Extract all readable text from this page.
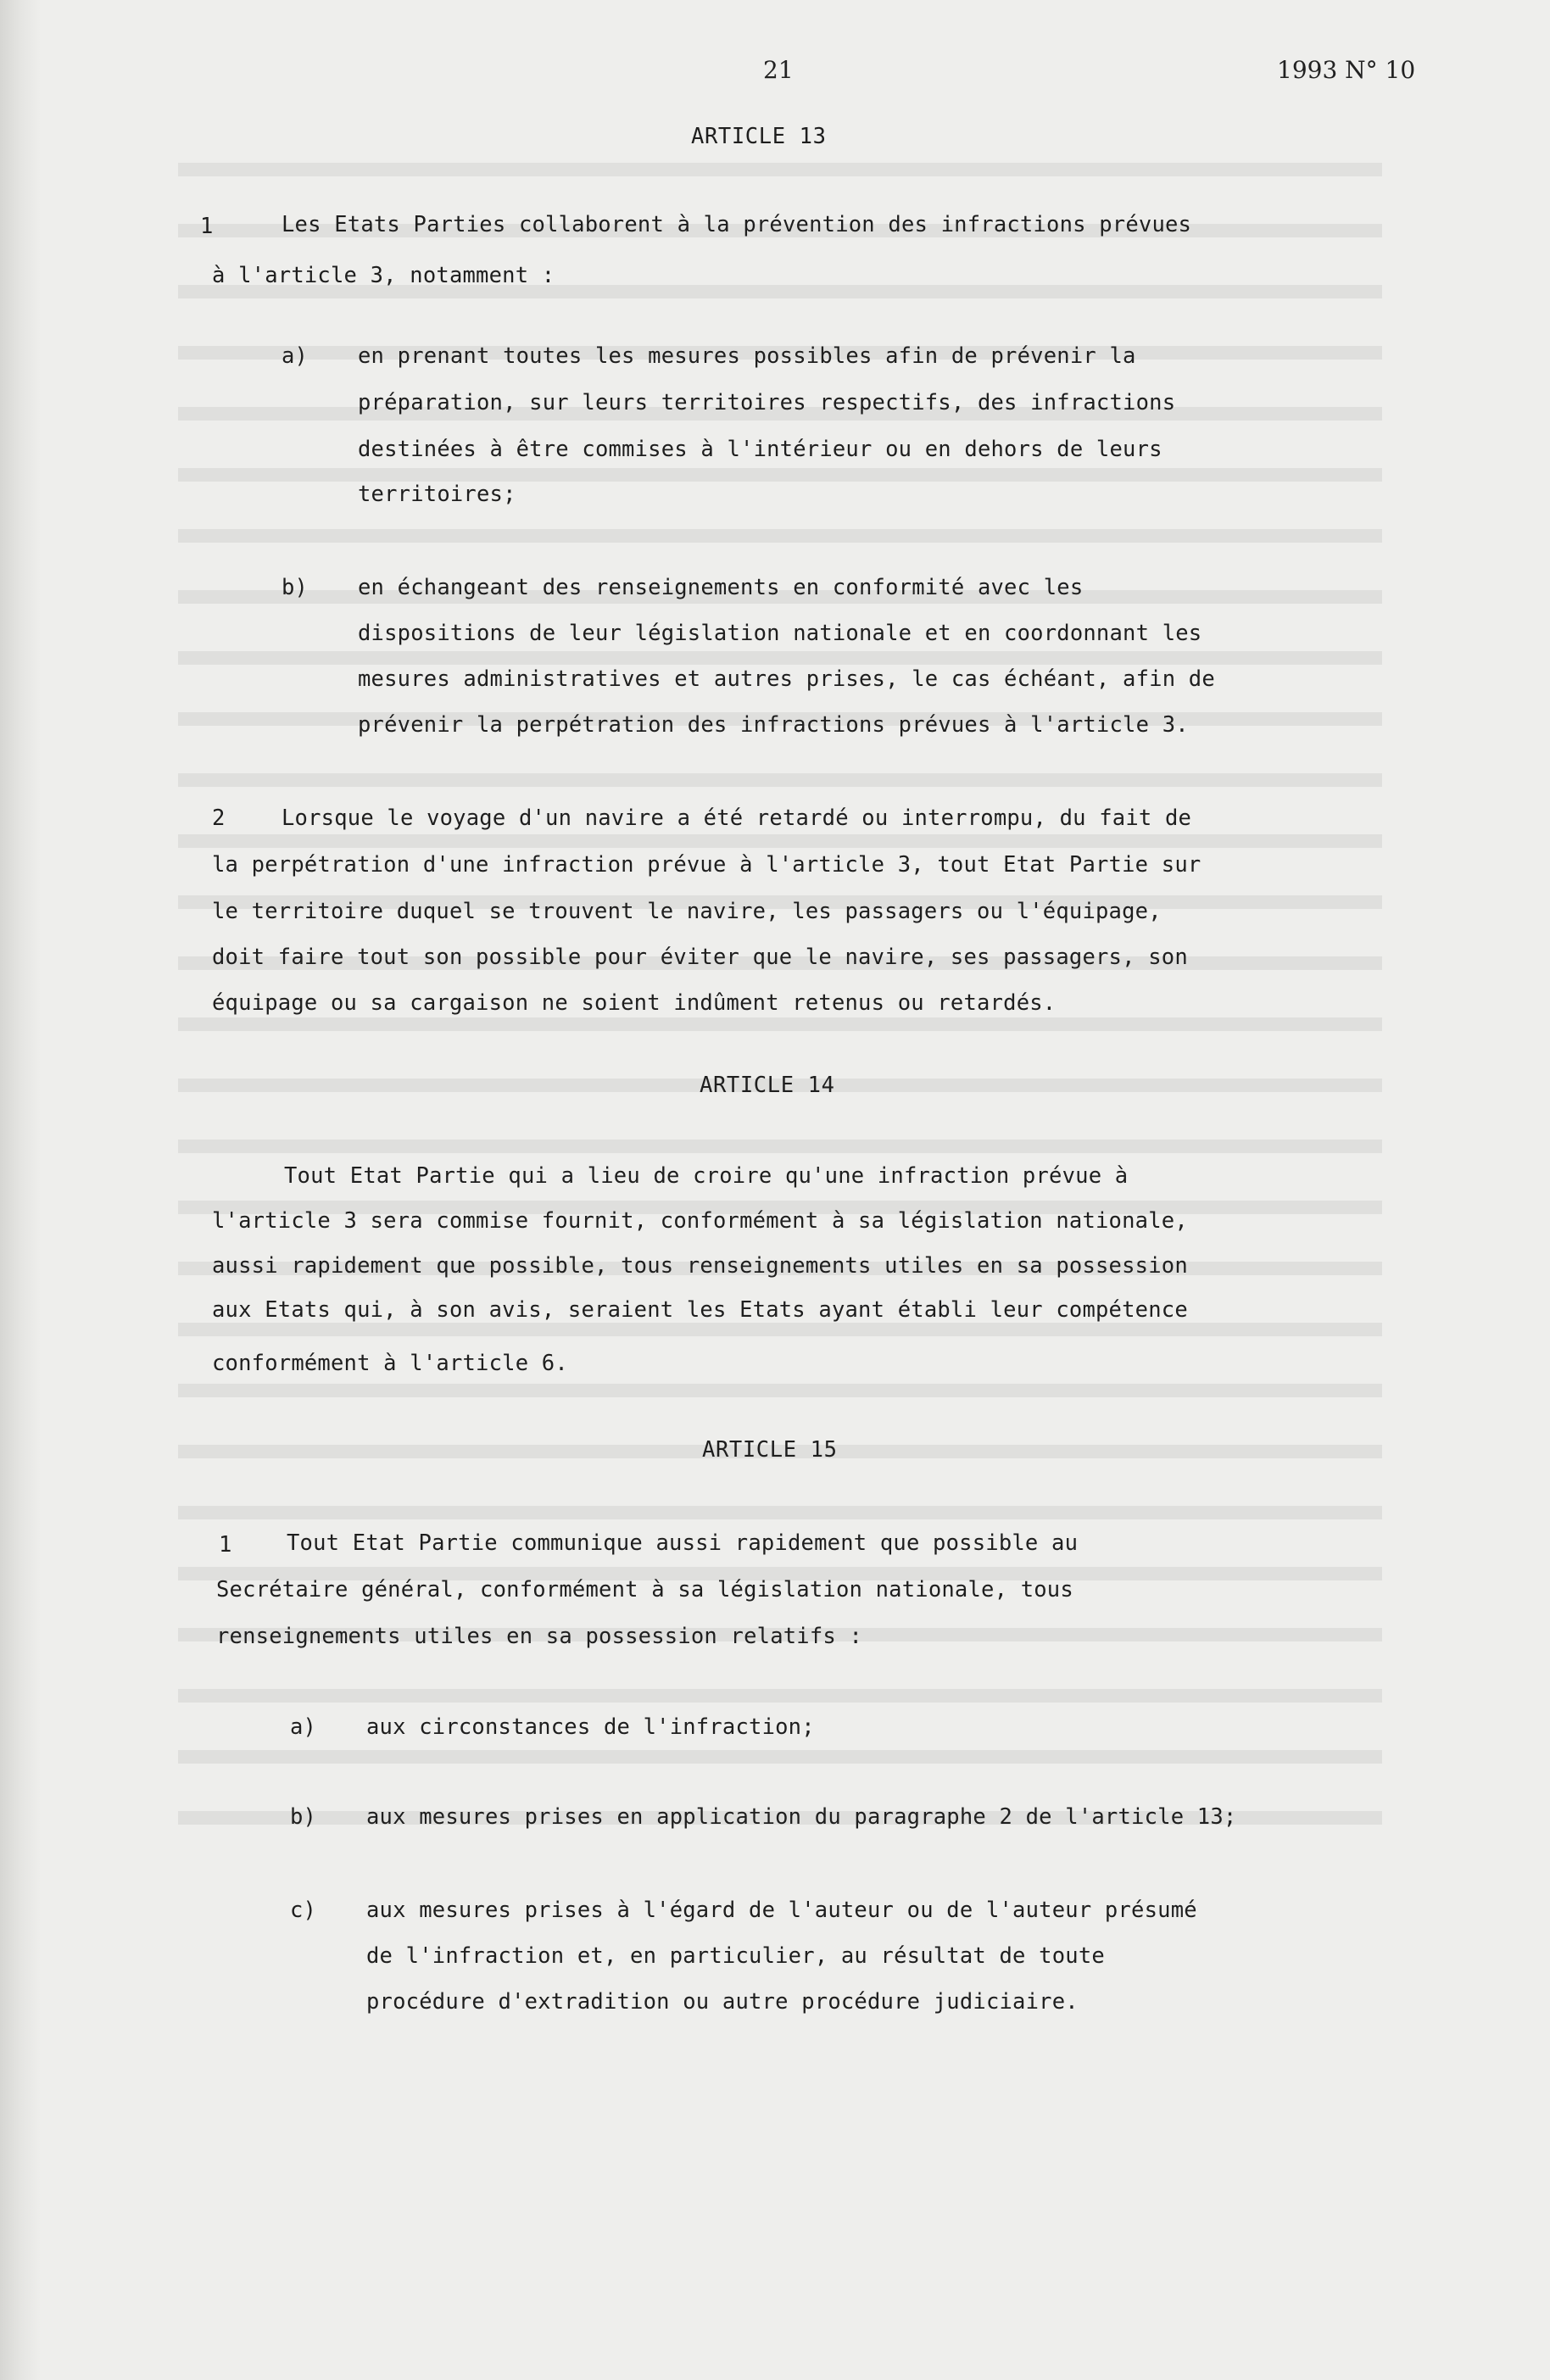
21	1993 N° 10
ARTICLE 13
1	Les Etats Parties collaborent à la prévention des infractions prévues
à l'article 3, notamment :
a) en prenant toutes les mesures possibles afin de prévenir la
préparation, sur leurs territoires respectifs, des infractions
destinées à être commises à l'intérieur ou en dehors de leurs
territoires;
b) en échangeant des renseignements en conformité avec les
dispositions de leur législation nationale et en coordonnant les
mesures administratives et autres prises, le cas échéant, afin de
prévenir la perpétration des infractions prévues à l'article 3.
2	Lorsque le voyage d'un navire a été retardé ou interrompu, du fait de
la perpétration d'une infraction prévue à l'article 3, tout Etat Partie sur
le territoire duquel se trouvent le navire, les passagers ou l'équipage,
doit faire tout son possible pour éviter que le navire, ses passagers, son
équipage ou sa cargaison ne soient indûment retenus ou retardés.
ARTICLE 14
Tout Etat Partie qui a lieu de croire qu'une infraction prévue à
l'article 3 sera commise fournit, conformément à sa législation nationale,
aussi rapidement que possible, tous renseignements utiles en sa possession
aux Etats qui, à son avis, seraient les Etats ayant établi leur compétence
conformément à l'article 6.
ARTICLE 15
1	Tout Etat Partie communique aussi rapidement que possible au
Secrétaire général, conformément à sa législation nationale, tous
renseignements utiles en sa possession relatifs :
a) aux circonstances de l'infraction;
b) aux mesures prises en application du paragraphe 2 de l'article 13;
c) aux mesures prises à l'égard de l'auteur ou de l'auteur présumé
de l'infraction et, en particulier, au résultat de toute
procédure d'extradition ou autre procédure judiciaire.
